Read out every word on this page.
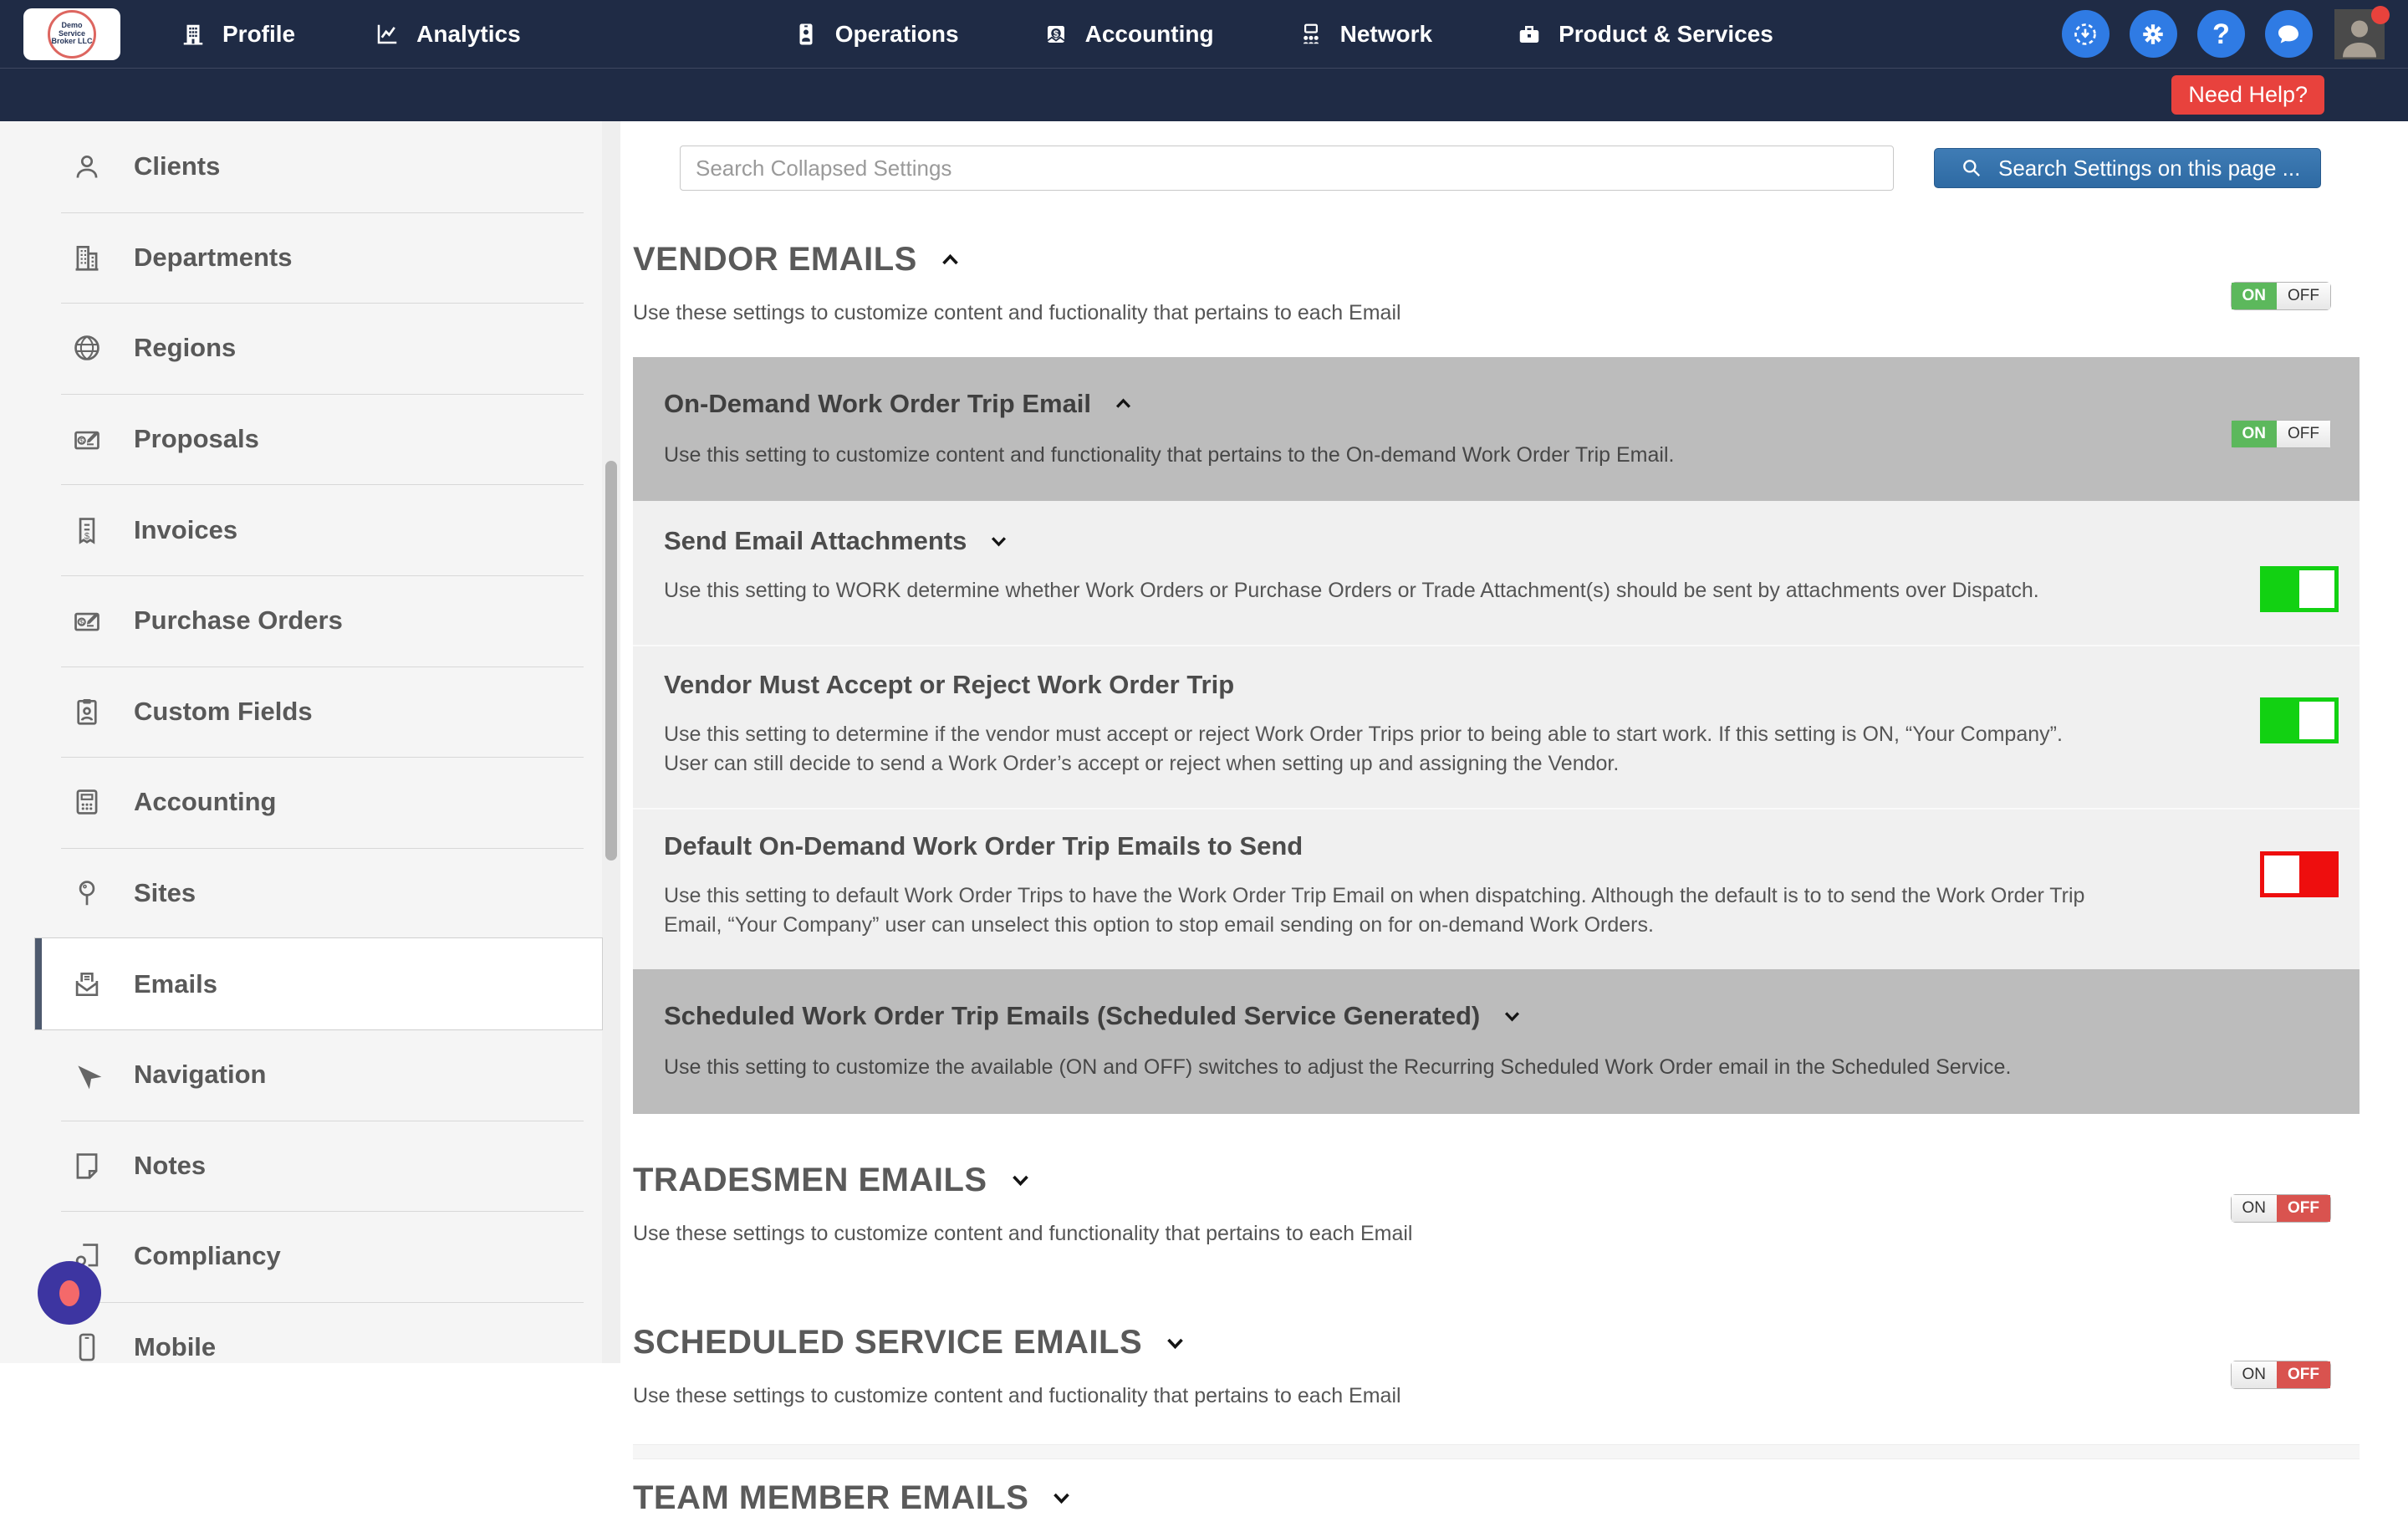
Demo Service Broker LLC	Profile	Analytics	Operations	$ Accounting	Network	Product & Services	?
Need Help?
Clients
Departments
Regions
$ Proposals
$ Invoices
$ Purchase Orders
Custom Fields
Accounting
Sites
Emails
Navigation
Notes
Compliancy
Mobile
Search Collapsed Settings
Search Settings on this page ...
VENDOR EMAILS

Use these settings to customize content and fuctionality that pertains to each Email

ON	OFF
On-Demand Work Order Trip Email

Use this setting to customize content and functionality that pertains to the On-demand Work Order Trip Email.

ON	OFF
Send Email Attachments

Use this setting to WORK determine whether Work Orders or Purchase Orders or Trade Attachment(s) should be sent by attachments over Dispatch.

Vendor Must Accept or Reject Work Order Trip

Use this setting to determine if the vendor must accept or reject Work Order Trips prior to being able to start work. If this setting is ON, “Your Company”. User can still decide to send a Work Order’s accept or reject when setting up and assigning the Vendor.

Default On-Demand Work Order Trip Emails to Send

Use this setting to default Work Order Trips to have the Work Order Trip Email on when dispatching. Although the default is to to send the Work Order Trip Email, “Your Company” user can unselect this option to stop email sending on for on-demand Work Orders.

Scheduled Work Order Trip Emails (Scheduled Service Generated)

Use this setting to customize the available (ON and OFF) switches to adjust the Recurring Scheduled Work Order email in the Scheduled Service.

TRADESMEN EMAILS

Use these settings to customize content and functionality that pertains to each Email

ON	OFF
SCHEDULED SERVICE EMAILS

Use these settings to customize content and fuctionality that pertains to each Email

ON	OFF
TEAM MEMBER EMAILS
